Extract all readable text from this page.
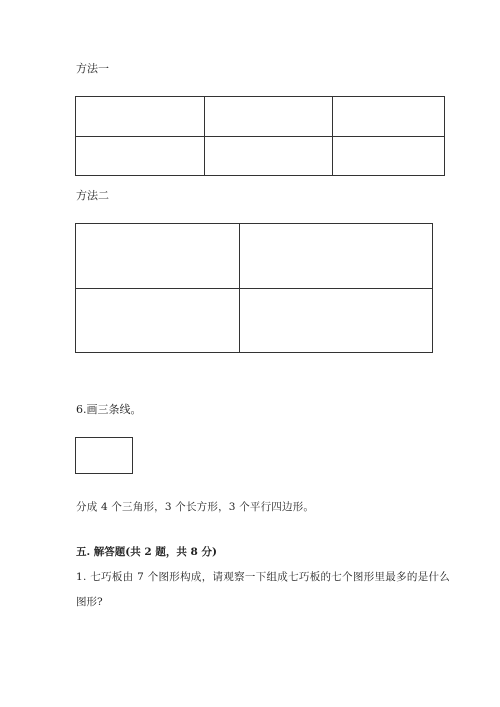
方法一
方法二
6.画三条线。
分成 4 个三角形，3 个长方形，3 个平行四边形。
五. 解答题(共 2 题，共 8 分)
1. 七巧板由 7 个图形构成，请观察一下组成七巧板的七个图形里最多的是什么
图形?
